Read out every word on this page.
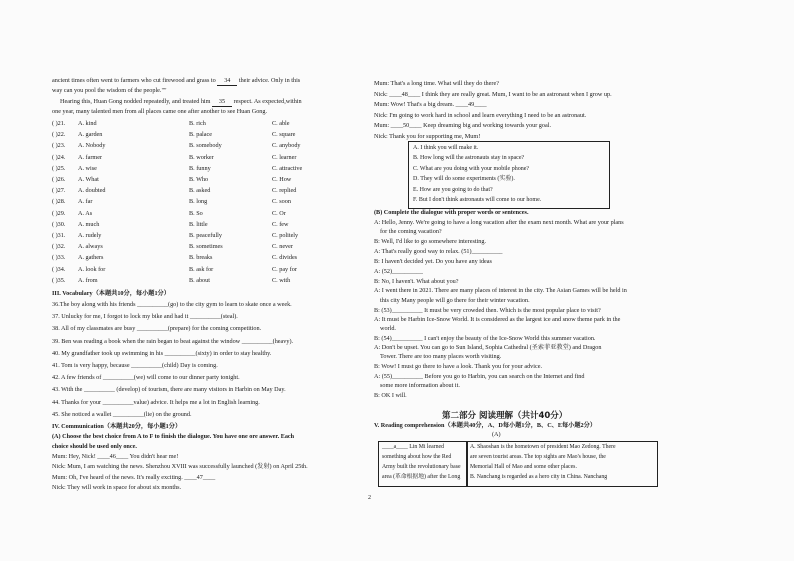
ancient times often went to farmers who cut firewood and grass to 34 their advice. Only in this
way can you pool the wisdom of the people.""
Hearing this, Huan Gong nodded repeatedly, and treated him 35 respect. As expected,within
one year, many talented men from all places came one after another to see Huan Gong.
( )21. A. kind	B. rich	C. able
( )22. A. garden	B. palace	C. square
( )23. A. Nobody	B. somebody	C. anybody
( )24. A. farmer	B. worker	C. learner
( )25. A. wise	B. funny	C. attractive
( )26. A. What	B. Who	C. How
( )27. A. doubted	B. asked	C. replied
( )28. A. far	B. long	C. soon
( )29. A. As	B. So	C. Or
( )30. A. much	B. little	C. few
( )31. A. rudely	B. peacefully	C. politely
( )32. A. always	B. sometimes	C. never
( )33. A. gathers	B. breaks	C. divides
( )34. A. look for	B. ask for	C. pay for
( )35. A. from	B. about	C. with
III. Vocabulary（本题共10分，每小题1分）
36.The boy along with his friends __________(go) to the city gym to learn to skate once a week.
37. Unlucky for me, I forgot to lock my bike and had it __________(steal).
38. All of my classmates are busy __________(prepare) for the coming competition.
39. Ben was reading a book when the rain began to beat against the window __________(heavy).
40. My grandfather took up swimming in his __________(sixty) in order to stay healthy.
41. Tom is very happy, because __________(child) Day is coming.
42. A few friends of __________(we) will come to our dinner party tonight.
43. With the __________ (develop) of tourism, there are many visitors in Harbin on May Day.
44. Thanks for your __________value) advice. It helps me a lot in English learning.
45. She noticed a wallet __________(lie) on the ground.
IV. Communication（本题共20分，每小题1分）
(A) Choose the best choice from A to F to finish the dialogue. You have one ore answer. Each
choice should be used only once.
Mum: Hey, Nick! ____46____ You didn't hear me!
Nick: Mum, I am watching the news. Shenzhou XVIII was successfully launched (发射) on April 25th.
Mum: Oh, I've heard of the news. It's really exciting. ____47____
Nick: They will work in space for about six months.
Mum: That's a long time. What will they do there?
Nick: ____48____ I think they are really great. Mum, I want to be an astronaut when I grow up.
Mum: Wow! That's a big dream. ____49____
Nick: I'm going to work hard in school and learn everything I need to be an astronaut.
Mum: ____50____ Keep dreaming big and working towards your goal.
Nick: Thank you for supporting me, Mum!
A. I think you will make it.
B. How long will the astronauts stay in space?
C. What are you doing with your mobile phone?
D. They will do some experiments (实验).
E. How are you going to do that?
F. But I don't think astronauts will come to our home.
(B) Complete the dialogue with proper words or sentences.
A: Hello, Jenny. We're going to have a long vacation after the exam next month. What are your plans
for the coming vacation?
B: Well, I'd like to go somewhere interesting.
A: That's really good way to relax. (51)__________
B: I haven't decided yet. Do you have any ideas
A: (52)__________
B: No, I haven't. What about you?
A: I went there in 2021. There are many places of interest in the city. The Asian Games will be held in
this city Many people will go there for their winter vacation.
B: (53)__________ It must be very crowded then. Which is the most popular place to visit?
A: It must be Harbin Ice-Snow World. It is considered as the largest ice and snow theme park in the
world.
B: (54)__________ I can't enjoy the beauty of the Ice-Snow World this summer vacation.
A: Don't be upset. You can go to Sun Island, Sophia Cathedral (圣索菲亚教堂) and Dragon
Tower. There are too many places worth visiting.
B: Wow! I must go there to have a look. Thank you for your advice.
A: (55)__________ Before you go to Harbin, you can search on the Internet and find
some more information about it.
B: OK I will.
第二部分 阅读理解（共计40分）
V. Reading comprehension（本题共40分，A、D每小题1分，B、C、E每小题2分）
(A)
____a____ Lin Mi learned
something about how the Red
Army built the revolutionary base
area (革命根据地) after the Long
A. Shaoshan is the hometown of president Mao Zedong. There
are seven tourist areas. The top sights are Mao's house, the
Memorial Hall of Mao and some other places.
B. Nanchang is regarded as a hero city in China. Nanchang
2
